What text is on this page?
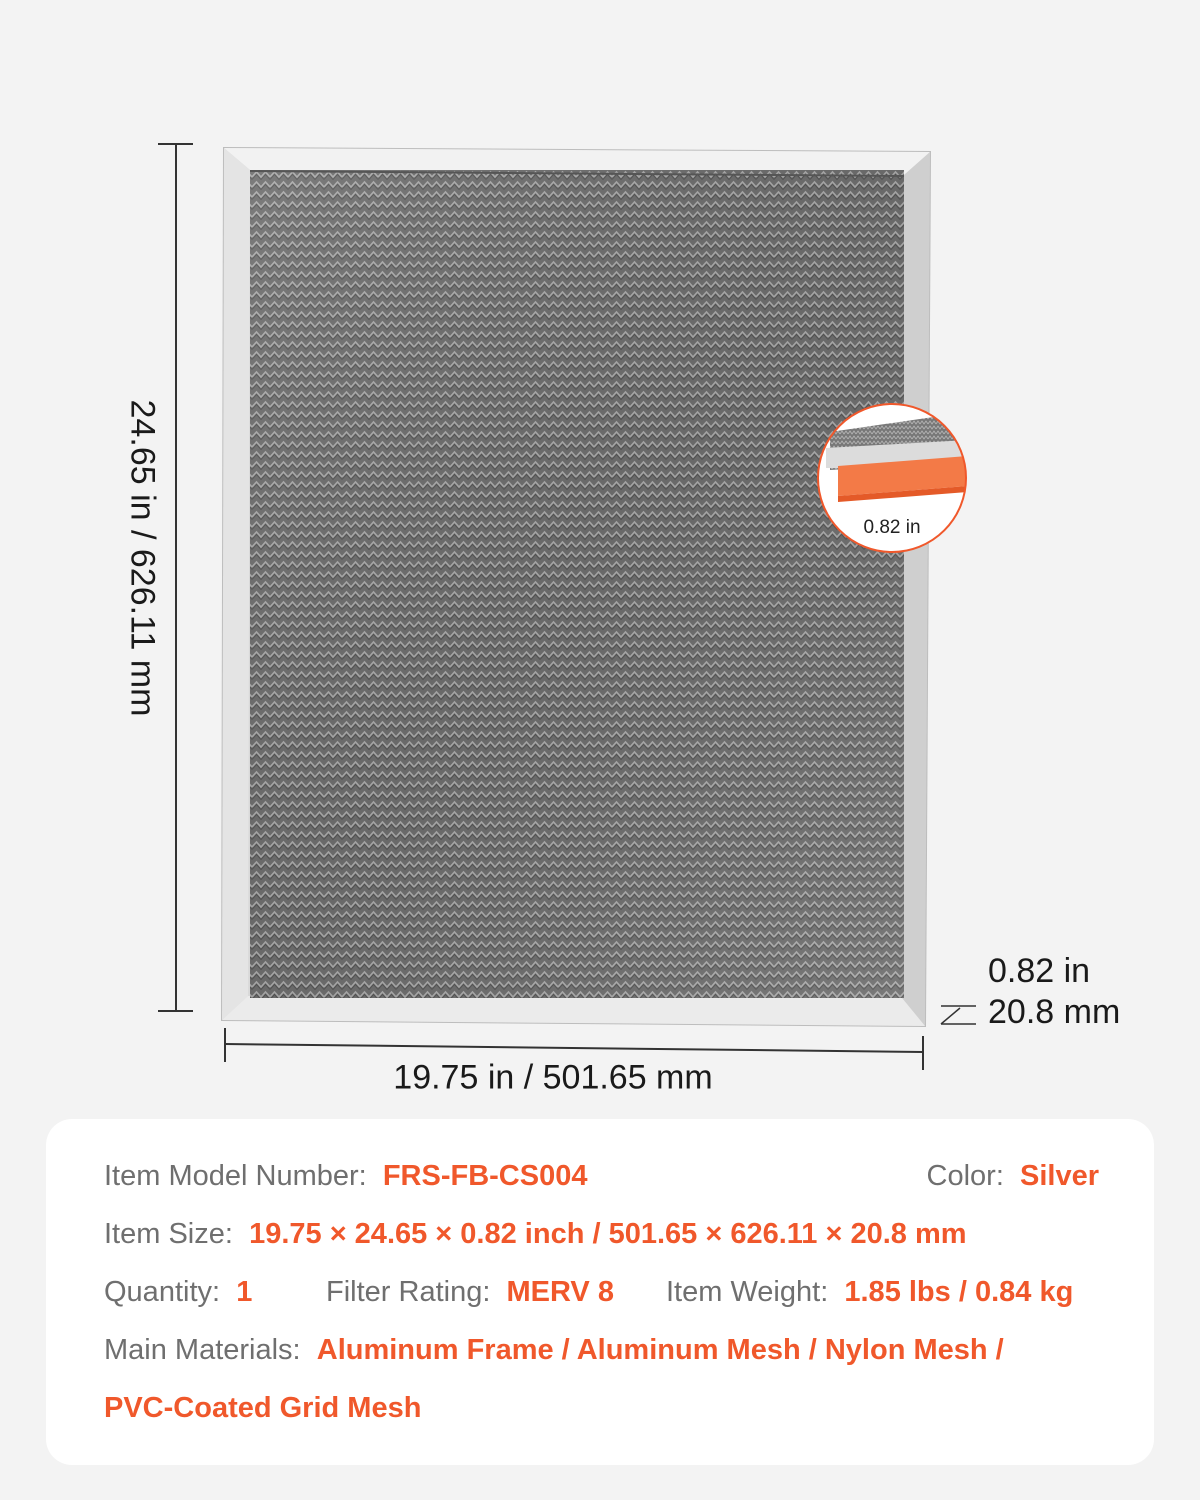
24.65 in / 626.11 mm
19.75 in / 501.65 mm
0.82 in
20.8 mm
0.82 in
Item Model Number: FRS-FB-CS004	Color: Silver
Item Size: 19.75 × 24.65 × 0.82 inch / 501.65 × 626.11 × 20.8 mm
Quantity: 1	Filter Rating: MERV 8 Item Weight: 1.85 lbs / 0.84 kg
Main Materials: Aluminum Frame / Aluminum Mesh / Nylon Mesh /
PVC-Coated Grid Mesh
